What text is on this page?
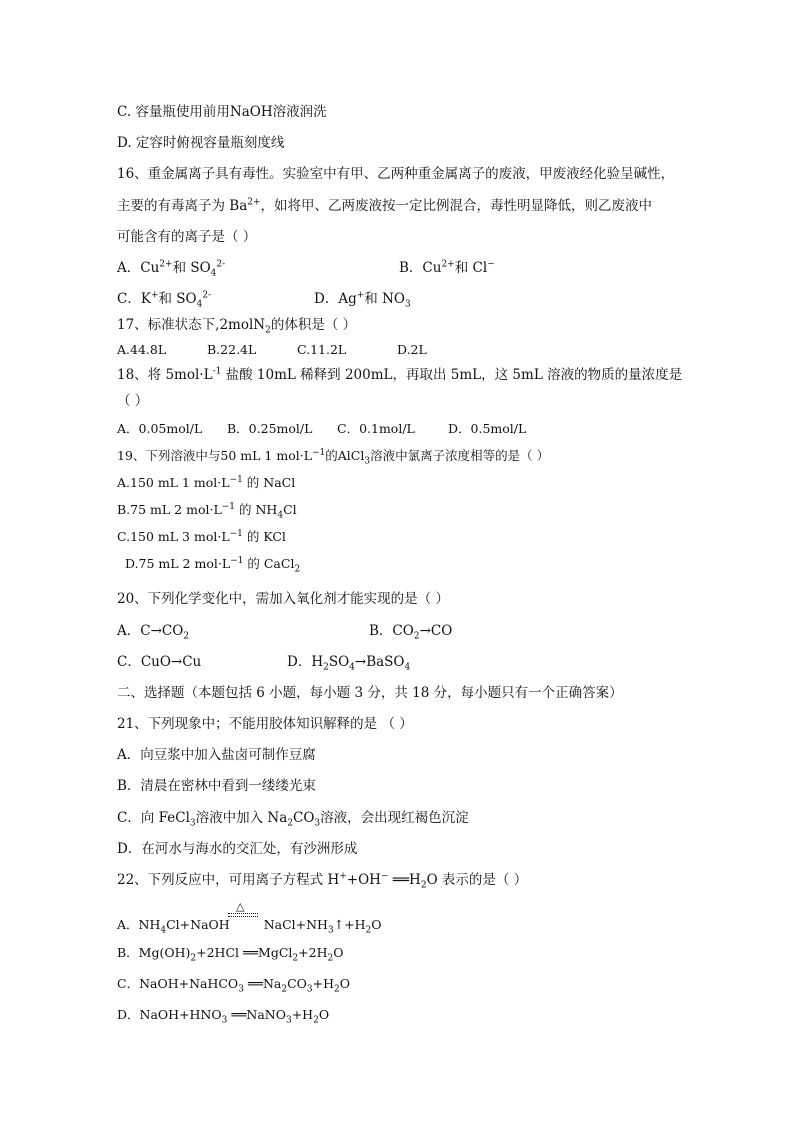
C. 容量瓶使用前用NaOH溶液润洗
D. 定容时俯视容量瓶刻度线
16、重金属离子具有毒性。实验室中有甲、乙两种重金属离子的废液，甲废液经化验呈碱性，
主要的有毒离子为 $Ba^{2+}$，如将甲、乙两废液按一定比例混合，毒性明显降低，则乙废液中
可能含有的离子是（ ）
A．$Cu^{2+}$和 $SO_4^{2-}$	B．$Cu^{2+}$和 Cl−
C．K+和 $SO_4^{2-}$	D．Ag+和 $NO_3$
17、标准状态下,2molN$_2$的体积是（ ）
A.44.8L	B.22.4L	C.11.2L	D.2L
18、将 $5mol\cdot L^{-1}$ 盐酸 10mL 稀释到 200mL，再取出 5mL，这 5mL 溶液的物质的量浓度是
（ ）
A．0.05mol/L B．0.25mol/L C．0.1mol/L	D．0.5mol/L
19、下列溶液中与50 mL 1 $mol\cdot L^{-1}$的AlCl$_3$溶液中氯离子浓度相等的是（ ）
A.150 mL 1 $mol\cdot L^{-1}$ 的 NaCl
B.75 mL 2 $mol\cdot L^{-1}$ 的 $NH_4Cl$
C.150 mL 3 $mol\cdot L^{-1}$ 的 KCl
D.75 mL 2 $mol\cdot L^{-1}$ 的 CaCl$_2$
20、下列化学变化中，需加入氧化剂才能实现的是（ ）
A．$C\to CO_2$	B．$CO_2\to CO$
C．CuO→Cu	D．$H_2SO_4\to BaSO_4$
二、选择题（本题包括 6 小题，每小题 3 分，共 18 分，每小题只有一个正确答案）
21、下列现象中；不能用胶体知识解释的是 （ ）
A．向豆浆中加入盐卤可制作豆腐
B．清晨在密林中看到一缕缕光束
C．向 FeCl$_3$溶液中加入 $Na_2CO_3$溶液，会出现红褐色沉淀
D．在河水与海水的交汇处，有沙洲形成
22、下列反应中，可用离子方程式 H++OH− $══H_2O$ 表示的是（ ）
△
A．$NH_4Cl+NaOH$	$NaCl+NH_3↑+H_2O$
B．$Mg(OH)_2+2HCl$ $══MgCl_2+2H_2O$
C．NaOH+NaHCO$_3$ $══Na_2CO_3+H_2O$
D．$NaOH+HNO_3$ $══NaNO_3+H_2O$
